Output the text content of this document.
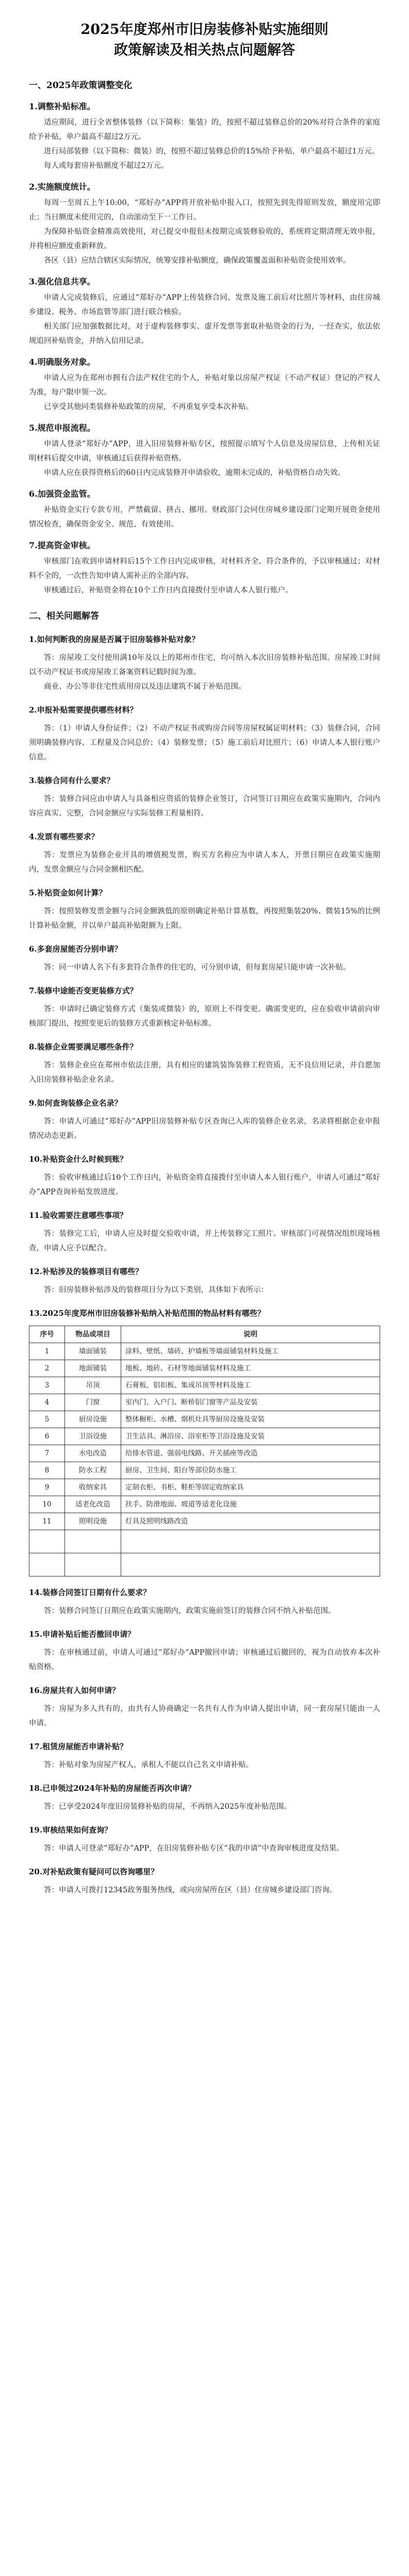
2025年度郑州市旧房装修补贴实施细则
政策解读及相关热点问题解答
一、2025年政策调整变化
1.调整补贴标准。

适应期间，进行全省整体装修（以下简称：集装）的，按照不超过装修总价的20%对符合条件的家庭给予补贴，单户最高不超过2万元。

进行局部装修（以下简称：微装）的，按照不超过装修总价的15%给予补贴，单户最高不超过1万元。

每人或每套房补贴额度不超过2万元。

2.实施额度统计。

每周一至周五上午10:00，“郑好办”APP将开放补贴申报入口，按照先到先得原则发放，额度用完即止；当日额度未使用完的，自动滚动至下一工作日。

为保障补贴资金精准高效使用，对已提交申报但未按期完成装修验收的，系统将定期清理无效申报，并将相应额度重新释放。

各区（县）应结合辖区实际情况，统筹安排补贴额度，确保政策覆盖面和补贴资金使用效率。

3.强化信息共享。

申请人完成装修后，应通过“郑好办”APP上传装修合同、发票及施工前后对比照片等材料，由住房城乡建设、税务、市场监管等部门进行联合核验。

相关部门应加强数据比对，对于虚构装修事实、虚开发票等套取补贴资金的行为，一经查实，依法依规追回补贴资金，并纳入信用记录。

4.明确服务对象。

申请人应为在郑州市拥有合法产权住宅的个人，补贴对象以房屋产权证（不动产权证）登记的产权人为准，每户限申领一次。

已享受其他同类装修补贴政策的房屋，不再重复享受本次补贴。

5.规范申报流程。

申请人登录“郑好办”APP，进入旧房装修补贴专区，按照提示填写个人信息及房屋信息，上传相关证明材料后提交申请，审核通过后获得补贴资格。

申请人应在获得资格后的60日内完成装修并申请验收，逾期未完成的，补贴资格自动失效。

6.加强资金监管。

补贴资金实行专款专用，严禁截留、挤占、挪用。财政部门会同住房城乡建设部门定期开展资金使用情况检查，确保资金安全、规范、有效使用。

7.提高资金审核。

审核部门在收到申请材料后15个工作日内完成审核，对材料齐全、符合条件的，予以审核通过；对材料不全的，一次性告知申请人需补正的全部内容。

审核通过后，补贴资金将在10个工作日内直接拨付至申请人本人银行账户。

二、相关问题解答
1.如何判断我的房屋是否属于旧房装修补贴对象？

答：房屋竣工交付使用满10年及以上的郑州市住宅，均可纳入本次旧房装修补贴范围。房屋竣工时间以不动产权证书或房屋竣工备案资料记载时间为准。

商业、办公等非住宅性质用房以及违法建筑不属于补贴范围。

2.申报补贴需要提供哪些材料？

答：（1）申请人身份证件；（2）不动产权证书或购房合同等房屋权属证明材料；（3）装修合同，合同须明确装修内容、工程量及合同总价；（4）装修发票；（5）施工前后对比照片；（6）申请人本人银行账户信息。

3.装修合同有什么要求？

答：装修合同应由申请人与具备相应资质的装修企业签订，合同签订日期应在政策实施期内，合同内容应真实、完整，合同金额应与实际装修工程量相符。

4.发票有哪些要求？

答：发票应为装修企业开具的增值税发票，购买方名称应为申请人本人，开票日期应在政策实施期内，发票金额应与合同金额相匹配。

5.补贴资金如何计算？

答：按照装修发票金额与合同金额孰低的原则确定补贴计算基数，再按照集装20%、微装15%的比例计算补贴金额，并以单户最高补贴限额为上限。

6.多套房屋能否分别申请？

答：同一申请人名下有多套符合条件的住宅的，可分别申请，但每套房屋只能申请一次补贴。

7.装修中途能否变更装修方式？

答：申请时已确定装修方式（集装或微装）的，原则上不得变更。确需变更的，应在验收申请前向审核部门提出，按照变更后的装修方式重新核定补贴标准。

8.装修企业需要满足哪些条件？

答：装修企业应在郑州市依法注册，具有相应的建筑装饰装修工程资质，无不良信用记录，并自愿加入旧房装修补贴企业名录。

9.如何查询装修企业名录？

答：申请人可通过“郑好办”APP旧房装修补贴专区查询已入库的装修企业名录，名录将根据企业申报情况动态更新。

10.补贴资金什么时候到账？

答：验收审核通过后10个工作日内，补贴资金将直接拨付至申请人本人银行账户，申请人可通过“郑好办”APP查询补贴发放进度。

11.验收需要注意哪些事项？

答：装修完工后，申请人应及时提交验收申请，并上传装修完工照片。审核部门可视情况组织现场核查，申请人应予以配合。

12.补贴涉及的装修项目有哪些？

答：旧房装修补贴涉及的装修项目分为以下类别，具体如下表所示：

13.2025年度郑州市旧房装修补贴纳入补贴范围的物品材料有哪些？
序号	物品或项目	说明
1	墙面铺装	涂料、壁纸、墙砖、护墙板等墙面铺装材料及施工
2	地面铺装	地板、地砖、石材等地面铺装材料及施工
3	吊顶	石膏板、铝扣板、集成吊顶等材料及施工
4	门窗	室内门、入户门、断桥铝门窗等产品及安装
5	厨房设施	整体橱柜、水槽、烟机灶具等厨房设施及安装
6	卫浴设施	卫生洁具、淋浴房、浴室柜等卫浴设施及安装
7	水电改造	给排水管道、强弱电线路、开关插座等改造
8	防水工程	厨房、卫生间、阳台等部位防水施工
9	收纳家具	定制衣柜、书柜、鞋柜等固定收纳家具
10	适老化改造	扶手、防滑地面、坡道等适老化设施
11	照明设施	灯具及照明线路改造

14.装修合同签订日期有什么要求？

答：装修合同签订日期应在政策实施期内，政策实施前签订的装修合同不纳入补贴范围。

15.申请补贴后能否撤回申请？

答：在审核通过前，申请人可通过“郑好办”APP撤回申请；审核通过后撤回的，视为自动放弃本次补贴资格。

16.房屋共有人如何申请？

答：房屋为多人共有的，由共有人协商确定一名共有人作为申请人提出申请，同一套房屋只能由一人申请。

17.租赁房屋能否申请补贴？

答：补贴对象为房屋产权人，承租人不能以自己名义申请补贴。

18.已申领过2024年补贴的房屋能否再次申请？

答：已享受2024年度旧房装修补贴的房屋，不再纳入2025年度补贴范围。

19.审核结果如何查询？

答：申请人可登录“郑好办”APP，在旧房装修补贴专区“我的申请”中查询审核进度及结果。

20.对补贴政策有疑问可以咨询哪里？

答：申请人可拨打12345政务服务热线，或向房屋所在区（县）住房城乡建设部门咨询。
